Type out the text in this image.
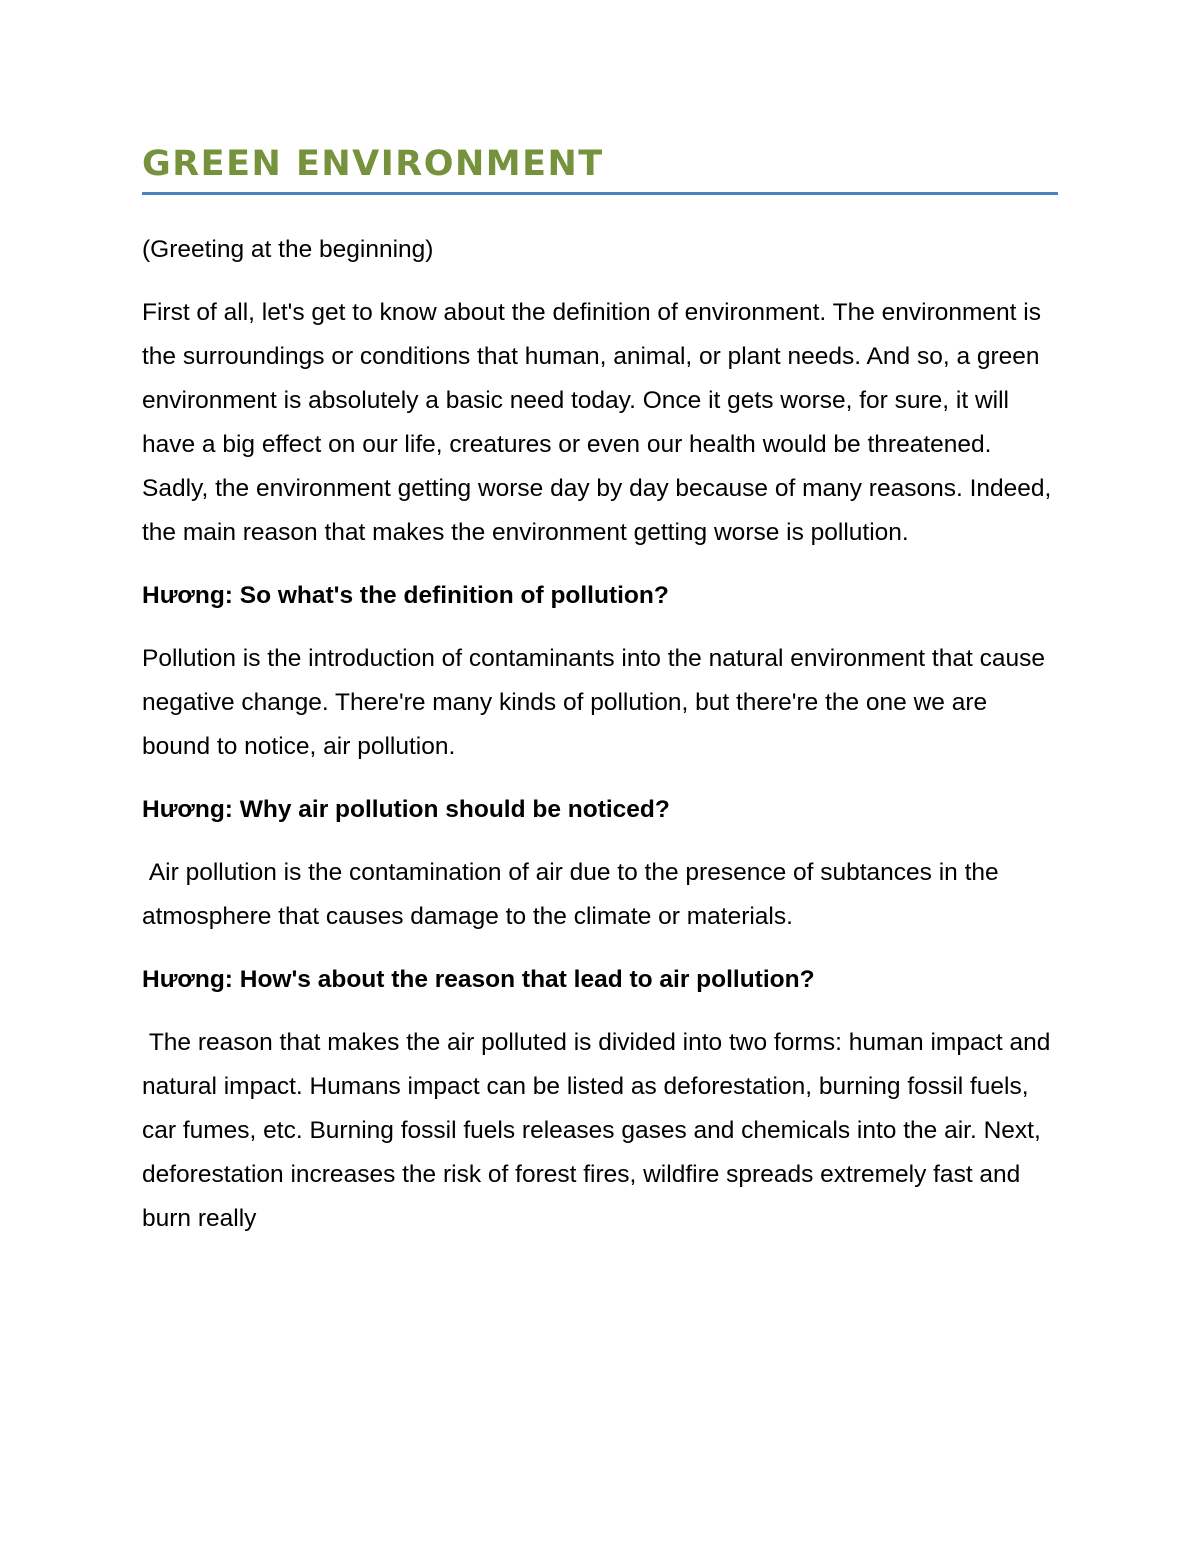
GREEN ENVIRONMENT

(Greeting at the beginning)

First of all, let's get to know about the definition of environment. The environment is the surroundings or conditions that human, animal, or plant needs. And so, a green environment is absolutely a basic need today. Once it gets worse, for sure, it will have a big effect on our life, creatures or even our health would be threatened. Sadly, the environment getting worse day by day because of many reasons. Indeed, the main reason that makes the environment getting worse is pollution.

Hương: So what's the definition of pollution?

Pollution is the introduction of contaminants into the natural environment that cause negative change. There're many kinds of pollution, but there're the one we are bound to notice, air pollution.

Hương: Why air pollution should be noticed?

Air pollution is the contamination of air due to the presence of subtances in the atmosphere that causes damage to the climate or materials.

Hương: How's about the reason that lead to air pollution?

The reason that makes the air polluted is divided into two forms: human impact and natural impact. Humans impact can be listed as deforestation, burning fossil fuels, car fumes, etc. Burning fossil fuels releases gases and chemicals into the air. Next, deforestation increases the risk of forest fires, wildfire spreads extremely fast and burn really
